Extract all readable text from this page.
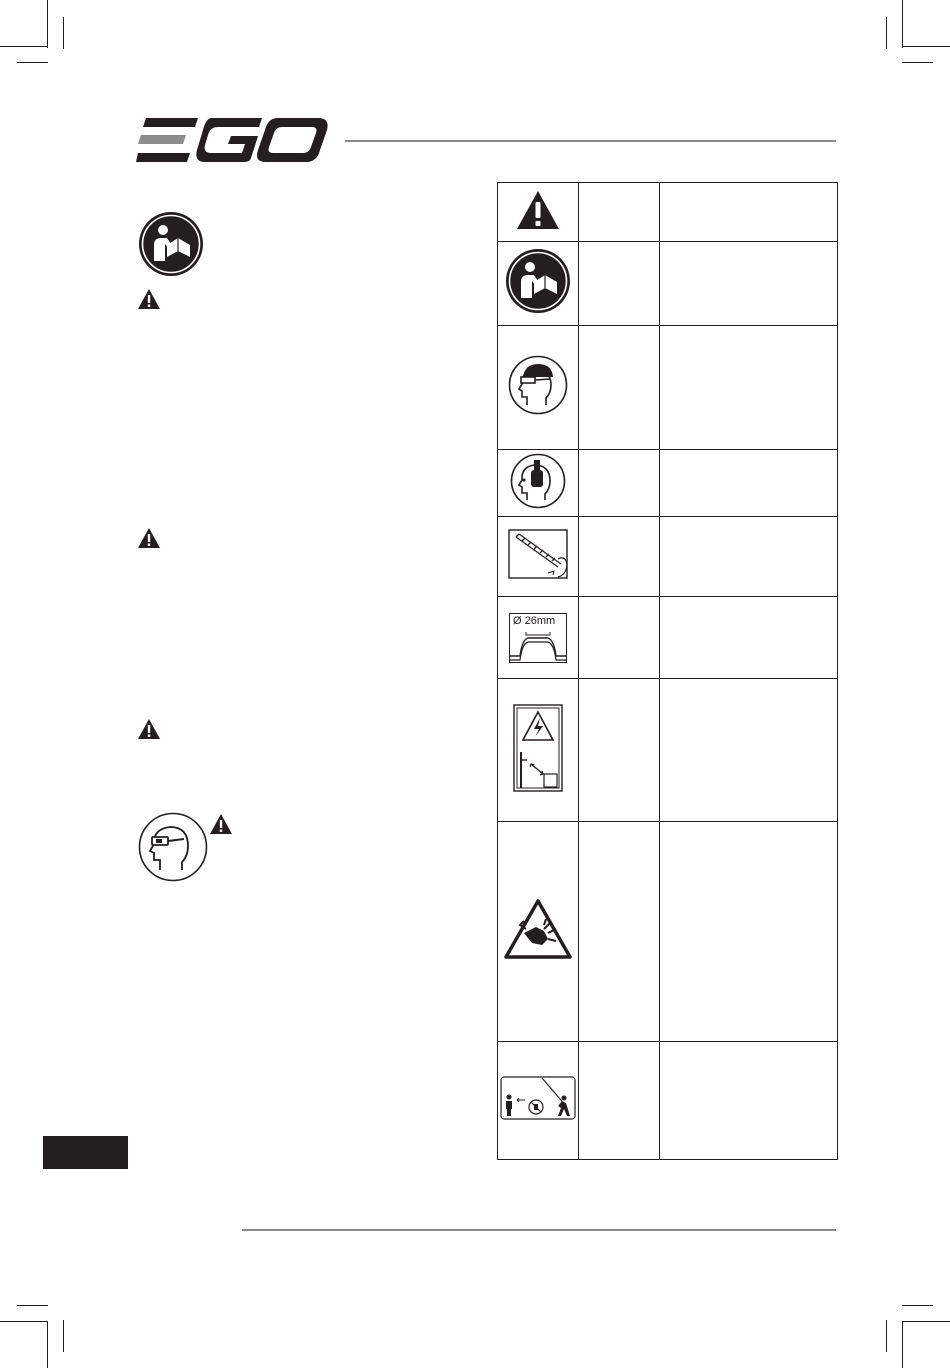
Ø 26mm		
